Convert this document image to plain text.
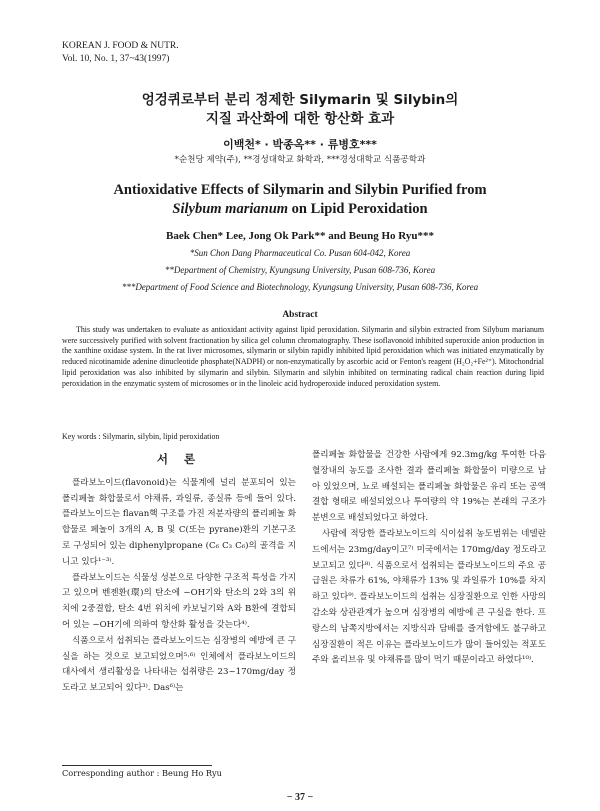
KOREAN J. FOOD & NUTR.
Vol. 10, No. 1, 37~43(1997)
엉겅퀴로부터 분리 정제한 Silymarin 및 Silybin의
지질 과산화에 대한 항산화 효과
이백천* · 박종옥** · 류병호***
*순천당 제약(주), **경성대학교 화학과, ***경성대학교 식품공학과
Antioxidative Effects of Silymarin and Silybin Purified from
Silybum marianum on Lipid Peroxidation
Baek Chen* Lee, Jong Ok Park** and Beung Ho Ryu***
*Sun Chon Dang Pharmaceutical Co. Pusan 604-042, Korea
**Department of Chemistry, Kyungsung University, Pusan 608-736, Korea
***Department of Food Science and Biotechnology, Kyungsung University, Pusan 608-736, Korea
Abstract

This study was undertaken to evaluate as antioxidant activity against lipid peroxidation. Silymarin and silybin extracted from Silybum marianum were successively purified with solvent fractionation by silica gel column chromatography. These isoflavonoid inhibited superoxide anion production in the xanthine oxidase system. In the rat liver microsomes, silymarin or silybin rapidly inhibited lipid peroxidation which was initiated enzymatically by reduced nicotinamide adenine dinucleotide phosphate(NADPH) or non-enzymatically by ascorbic acid or Fenton's reagent (H₂O₂+Fe²⁺). Mitochondrial lipid peroxidation was also inhibited by silymarin and silybin. Silymarin and silybin inhibited on terminating radical chain reaction during lipid peroxidation in the enzymatic system of microsomes or in the linoleic acid hydroperoxide induced peroxidation system.

Key words : Silymarin, silybin, lipid peroxidation
서 론

플라보노이드(flavonoid)는 식물계에 널리 분포되어 있는 폴리페놀 화합물로서 야채류, 과일류, 종실류 등에 들어 있다. 플라보노이드는 flavan핵 구조를 가진 저분자량의 폴리페놀 화합물로 페놀이 3개의 A, B 및 C(또는 pyrane)환의 기본구조로 구성되어 있는 diphenylpropane (C₆ C₃ C₆)의 골격을 지니고 있다¹⁻³⁾.

플라보노이드는 식물성 성분으로 다양한 구조적 특성을 가지고 있으며 벤젠환(環)의 탄소에 −OH기와 탄소의 2와 3의 위치에 2중결합, 탄소 4번 위치에 카보닐기와 A와 B환에 결합되어 있는 −OH기에 의하여 항산화 활성을 갖는다⁴⁾.

식품으로서 섭취되는 플라보노이드는 심장병의 예방에 큰 구실을 하는 것으로 보고되었으며⁵·⁶⁾ 인체에서 플라보노이드의 대사에서 생리활성을 나타내는 섭취량은 23~170mg/day 정도라고 보고되어 있다³⁾. Das⁶⁾는

폴리페놀 화합물을 건강한 사람에게 92.3mg/kg 투여한 다음 혈장내의 농도를 조사한 결과 폴리페놀 화합물이 미량으로 남아 있었으며, 뇨로 배설되는 폴리페놀 화합물은 유리 또는 공액결합 형태로 배설되었으나 투여량의 약 19%는 본래의 구조가 분변으로 배설되었다고 하였다.

사람에 적당한 플라보노이드의 식이섭취 농도범위는 네델란드에서는 23mg/day이고⁷⁾ 미국에서는 170mg/day 정도라고 보고되고 있다⁸⁾. 식품으로서 섭취되는 플라보노이드의 주요 공급원은 차류가 61%, 야채류가 13% 및 과일류가 10%를 차지하고 있다⁹⁾. 플라보노이드의 섭취는 심장질환으로 인한 사망의 감소와 상관관계가 높으며 심장병의 예방에 큰 구실을 한다. 프랑스의 남쪽지방에서는 지방식과 담배를 즐겨함에도 불구하고 심장질환이 적은 이유는 플라보노이드가 많이 들어있는 적포도주와 올리브유 및 야채류를 많이 먹기 때문이라고 하였다¹⁰⁾.

Corresponding author : Beung Ho Ryu
− 37 −
